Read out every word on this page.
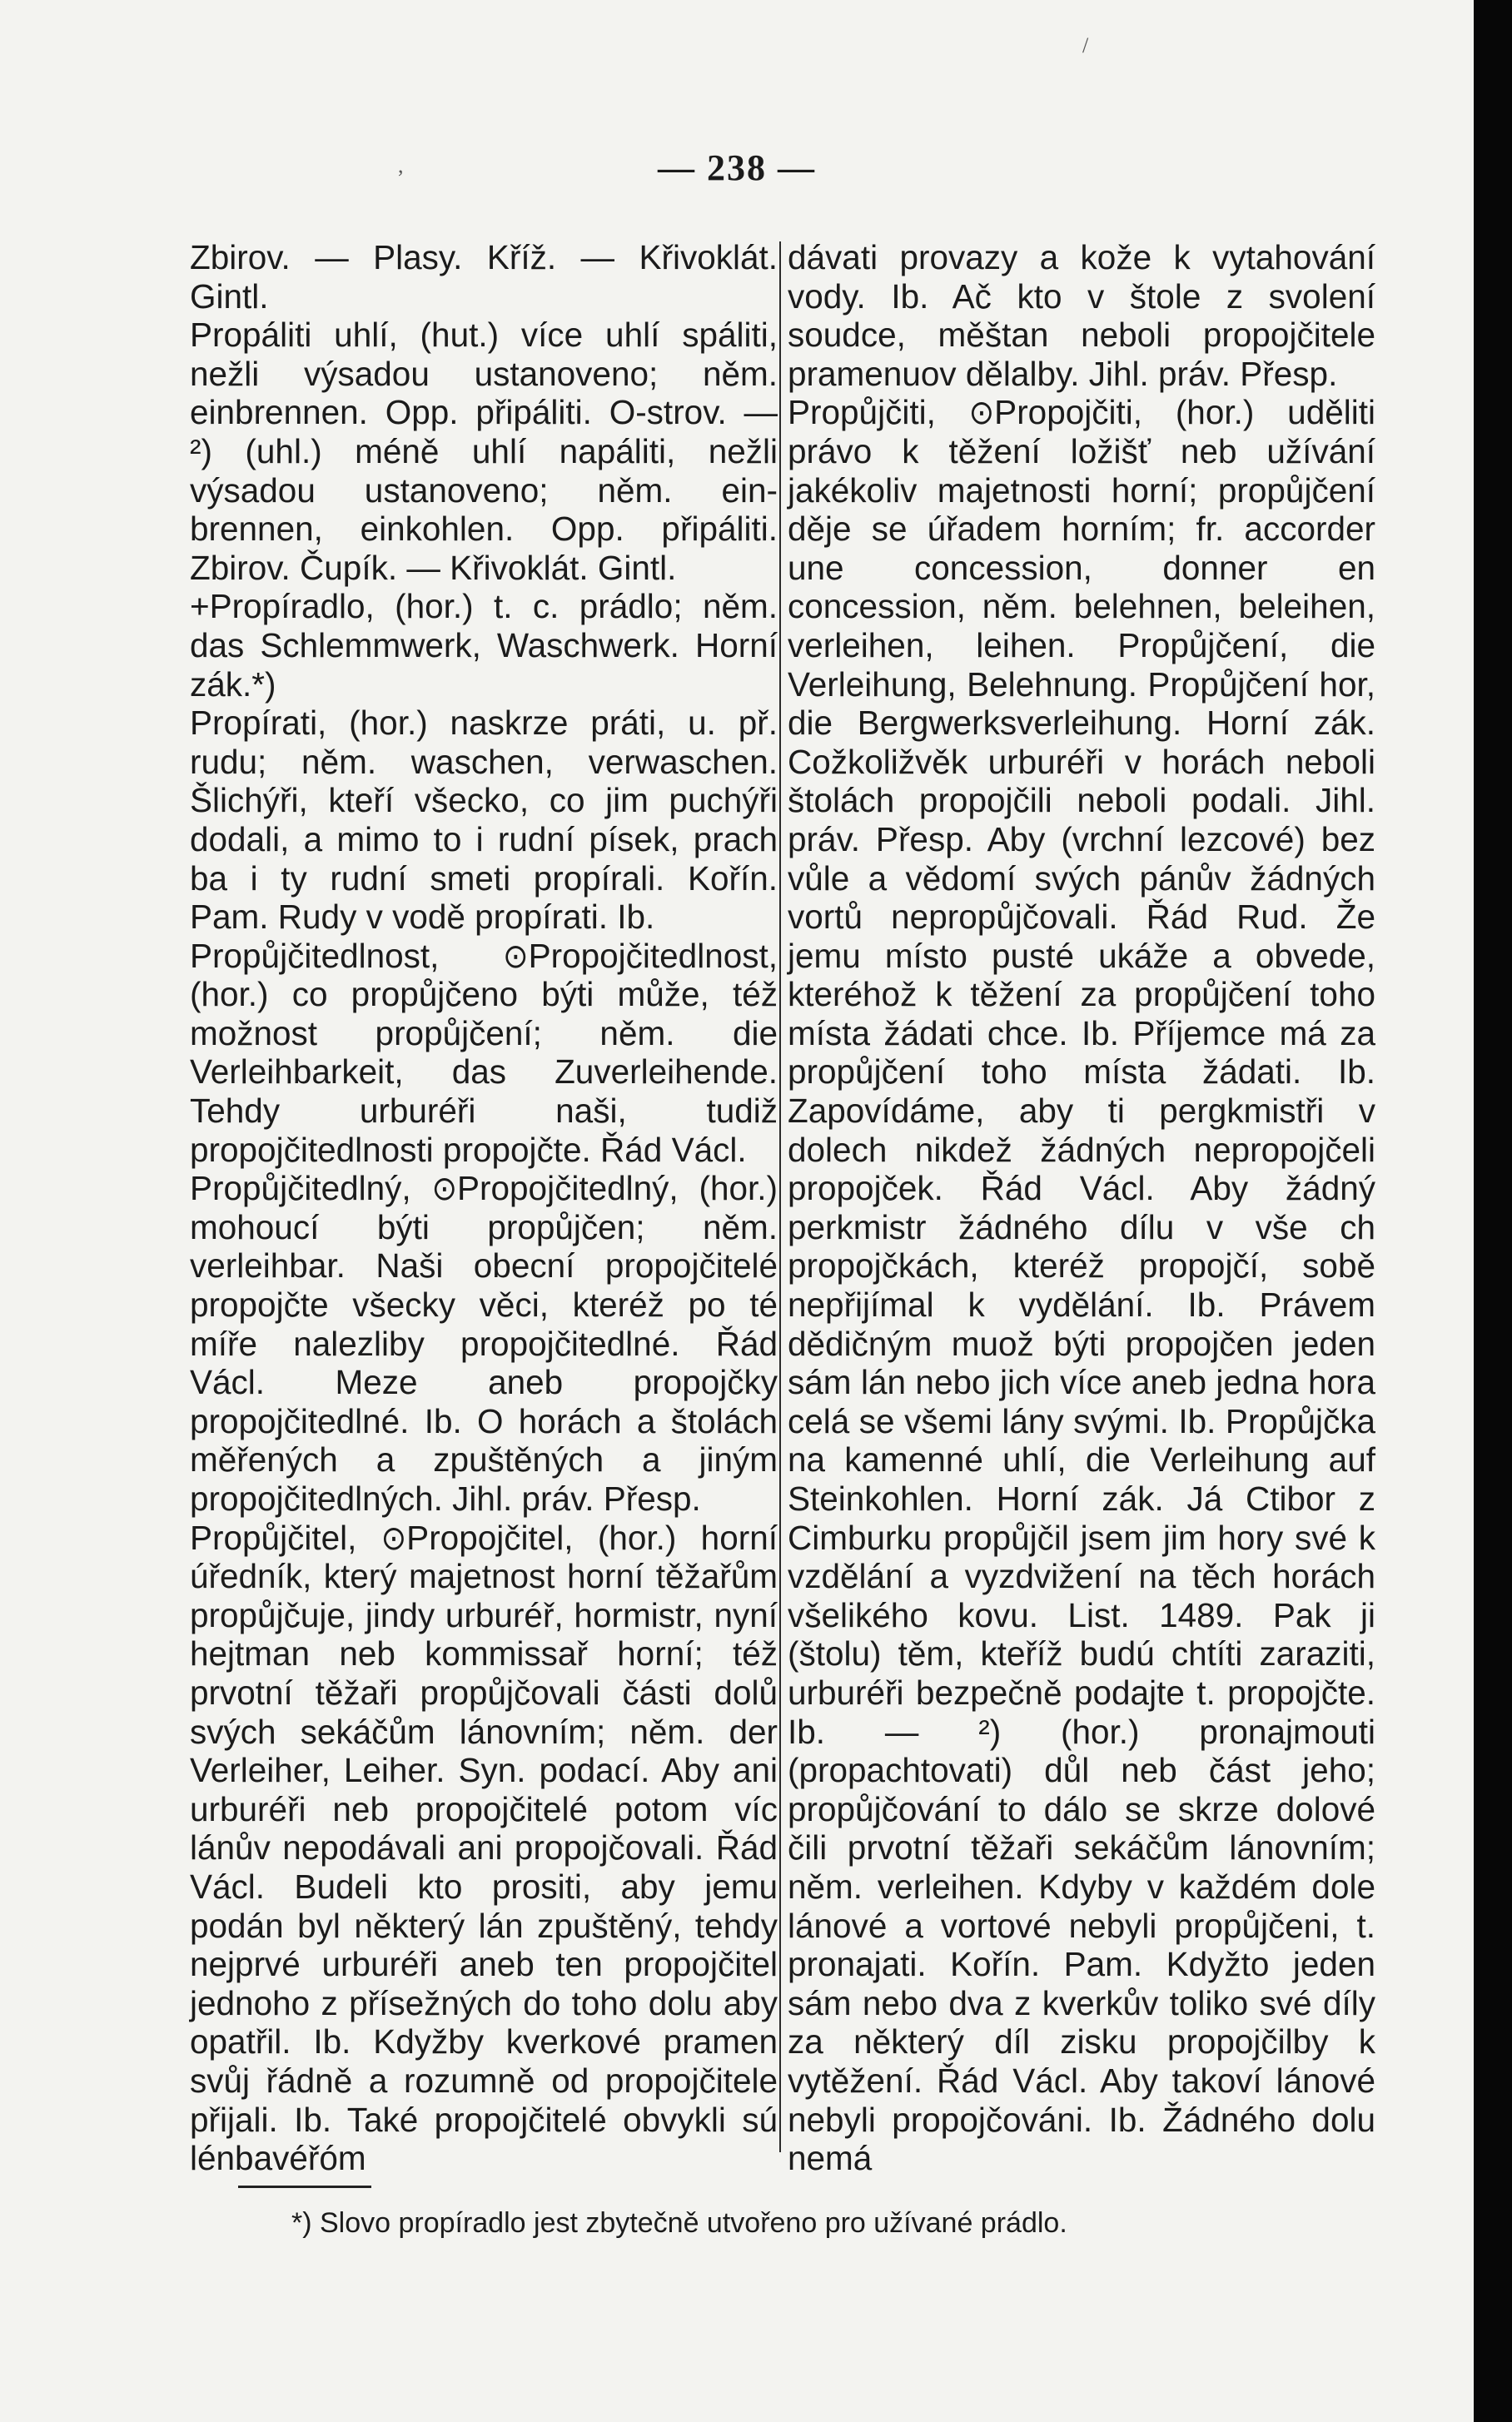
/
,	— 238 —

Zbirov. — Plasy. Kříž. — Křivoklát. Gintl.
Propáliti uhlí, (hut.) více uhlí spáliti, nežli výsadou ustanoveno; něm. einbrennen. Opp. připáliti. O-strov. — ²) (uhl.) méně uhlí napáliti, nežli výsadou ustanoveno; něm. ein-brennen, einkohlen. Opp. připáliti. Zbirov. Čupík. — Křivoklát. Gintl.
+Propíradlo, (hor.) t. c. prádlo; něm. das Schlemmwerk, Waschwerk. Horní zák.*)
Propírati, (hor.) naskrze práti, u. př. rudu; něm. waschen, verwaschen. Šlichýři, kteří všecko, co jim puchýři dodali, a mimo to i rudní písek, prach ba i ty rudní smeti propírali. Kořín. Pam. Rudy v vodě propírati. Ib.
Propůjčitedlnost, ⊙Propojčitedlnost, (hor.) co propůjčeno býti může, též možnost propůjčení; něm. die Verleihbarkeit, das Zuverleihende. Tehdy urburéři naši, tudiž propojčitedlnosti propojčte. Řád Václ.
Propůjčitedlný, ⊙Propojčitedlný, (hor.) mohoucí býti propůjčen; něm. verleihbar. Naši obecní propojčitelé propojčte všecky věci, kteréž po té míře nalezliby propojčitedlné. Řád Václ. Meze aneb propojčky propojčitedlné. Ib. O horách a štolách měřených a zpuštěných a jiným propojčitedlných. Jihl. práv. Přesp.
Propůjčitel, ⊙Propojčitel, (hor.) horní úředník, který majetnost horní těžařům propůjčuje, jindy urburéř, hormistr, nyní hejtman neb kommissař horní; též prvotní těžaři propůjčovali části dolů svých sekáčům lánovním; něm. der Verleiher, Leiher. Syn. podací. Aby ani urburéři neb propojčitelé potom víc lánův nepodávali ani propojčovali. Řád Václ. Budeli kto prositi, aby jemu podán byl některý lán zpuštěný, tehdy nejprvé urburéři aneb ten propojčitel jednoho z přísežných do toho dolu aby opatřil. Ib. Kdyžby kverkové pramen svůj řádně a rozumně od propojčitele přijali. Ib. Také propojčitelé obvykli sú lénbavéřóm

dávati provazy a kože k vytahování vody. Ib. Ač kto v štole z svolení soudce, měštan neboli propojčitele pramenuov dělalby. Jihl. práv. Přesp.
Propůjčiti, ⊙Propojčiti, (hor.) uděliti právo k těžení ložišť neb užívání jakékoliv majetnosti horní; propůjčení děje se úřadem horním; fr. accorder une concession, donner en concession, něm. belehnen, beleihen, verleihen, leihen. Propůjčení, die Verleihung, Belehnung. Propůjčení hor, die Bergwerksverleihung. Horní zák. Cožkoližvěk urburéři v horách neboli štolách propojčili neboli podali. Jihl. práv. Přesp. Aby (vrchní lezcové) bez vůle a vědomí svých pánův žádných vortů nepropůjčovali. Řád Rud. Že jemu místo pusté ukáže a obvede, kteréhož k těžení za propůjčení toho místa žádati chce. Ib. Příjemce má za propůjčení toho místa žádati. Ib. Zapovídáme, aby ti pergkmistři v dolech nikdež žádných nepropojčeli propojček. Řád Václ. Aby žádný perkmistr žádného dílu v vše ch propojčkách, kteréž propojčí, sobě nepřijímal k vydělání. Ib. Právem dědičným muož býti propojčen jeden sám lán nebo jich více aneb jedna hora celá se všemi lány svými. Ib. Propůjčka na kamenné uhlí, die Verleihung auf Steinkohlen. Horní zák. Já Ctibor z Cimburku propůjčil jsem jim hory své k vzdělání a vyzdvižení na těch horách všelikého kovu. List. 1489. Pak ji (štolu) těm, kteříž budú chtíti zaraziti, urburéři bezpečně podajte t. propojčte. Ib. — ²) (hor.) pronajmouti (propachtovati) důl neb část jeho; propůjčování to dálo se skrze dolové čili prvotní těžaři sekáčům lánovním; něm. verleihen. Kdyby v každém dole lánové a vortové nebyli propůjčeni, t. pronajati. Kořín. Pam. Kdyžto jeden sám nebo dva z kverkův toliko své díly za některý díl zisku propojčilby k vytěžení. Řád Václ. Aby takoví lánové nebyli propojčováni. Ib. Žádného dolu nemá

*) Slovo propíradlo jest zbytečně utvořeno pro užívané prádlo.
